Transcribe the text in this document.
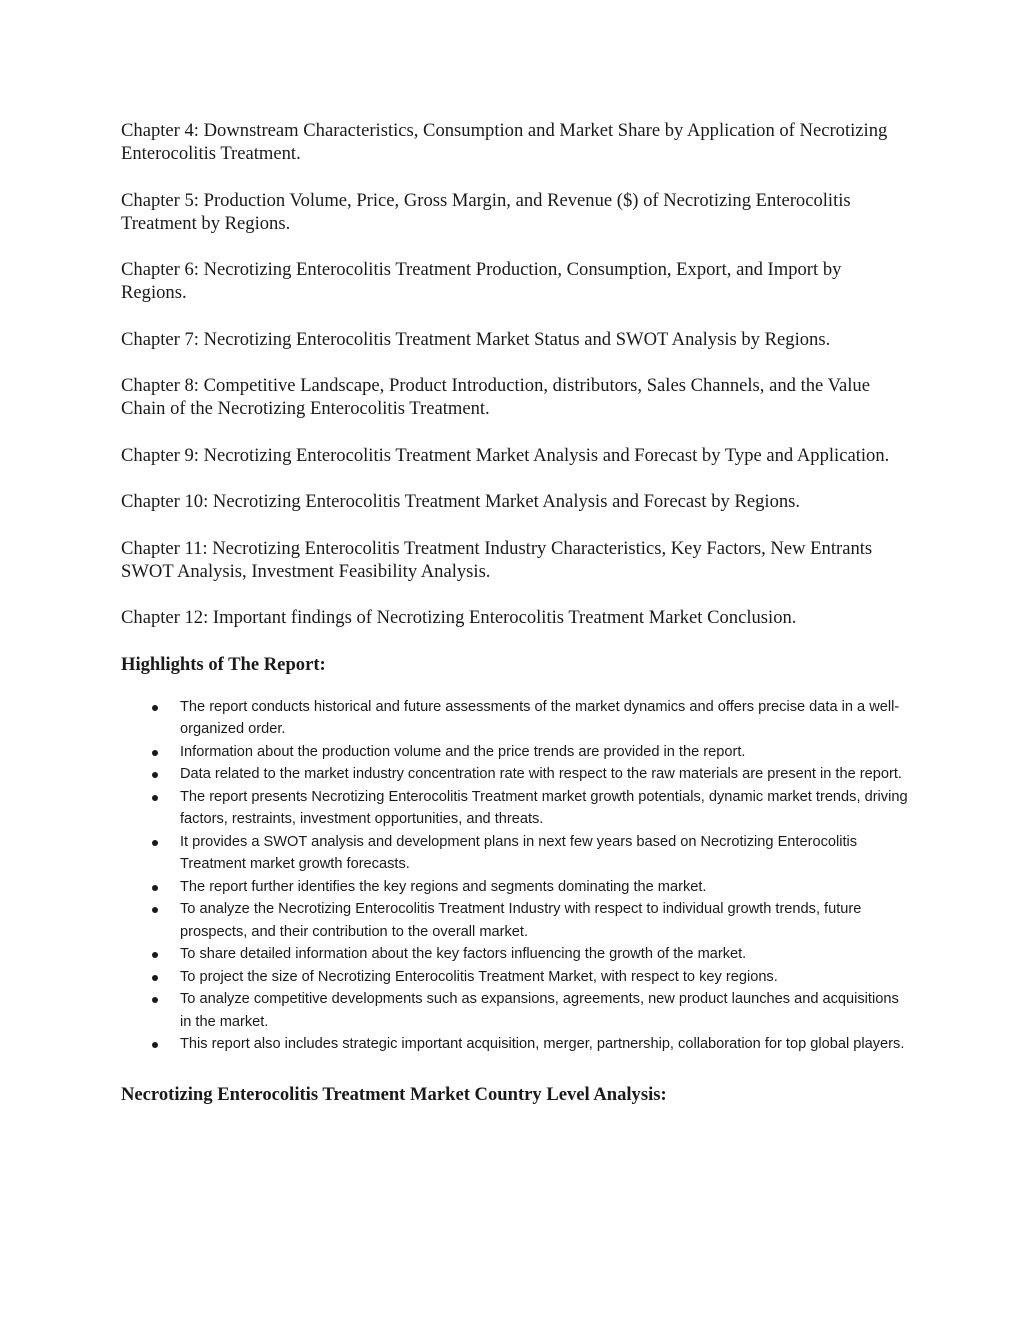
Chapter 4: Downstream Characteristics, Consumption and Market Share by Application of Necrotizing Enterocolitis Treatment.

Chapter 5: Production Volume, Price, Gross Margin, and Revenue ($) of Necrotizing Enterocolitis Treatment by Regions.

Chapter 6: Necrotizing Enterocolitis Treatment Production, Consumption, Export, and Import by Regions.

Chapter 7: Necrotizing Enterocolitis Treatment Market Status and SWOT Analysis by Regions.

Chapter 8: Competitive Landscape, Product Introduction, distributors, Sales Channels, and the Value Chain of the Necrotizing Enterocolitis Treatment.

Chapter 9: Necrotizing Enterocolitis Treatment Market Analysis and Forecast by Type and Application.

Chapter 10: Necrotizing Enterocolitis Treatment Market Analysis and Forecast by Regions.

Chapter 11: Necrotizing Enterocolitis Treatment Industry Characteristics, Key Factors, New Entrants SWOT Analysis, Investment Feasibility Analysis.

Chapter 12: Important findings of Necrotizing Enterocolitis Treatment Market Conclusion.

Highlights of The Report:
The report conducts historical and future assessments of the market dynamics and offers precise data in a well-organized order.
Information about the production volume and the price trends are provided in the report.
Data related to the market industry concentration rate with respect to the raw materials are present in the report.
The report presents Necrotizing Enterocolitis Treatment market growth potentials, dynamic market trends, driving factors, restraints, investment opportunities, and threats.
It provides a SWOT analysis and development plans in next few years based on Necrotizing Enterocolitis Treatment market growth forecasts.
The report further identifies the key regions and segments dominating the market.
To analyze the Necrotizing Enterocolitis Treatment Industry with respect to individual growth trends, future prospects, and their contribution to the overall market.
To share detailed information about the key factors influencing the growth of the market.
To project the size of Necrotizing Enterocolitis Treatment Market, with respect to key regions.
To analyze competitive developments such as expansions, agreements, new product launches and acquisitions in the market.
This report also includes strategic important acquisition, merger, partnership, collaboration for top global players.
Necrotizing Enterocolitis Treatment Market Country Level Analysis:
